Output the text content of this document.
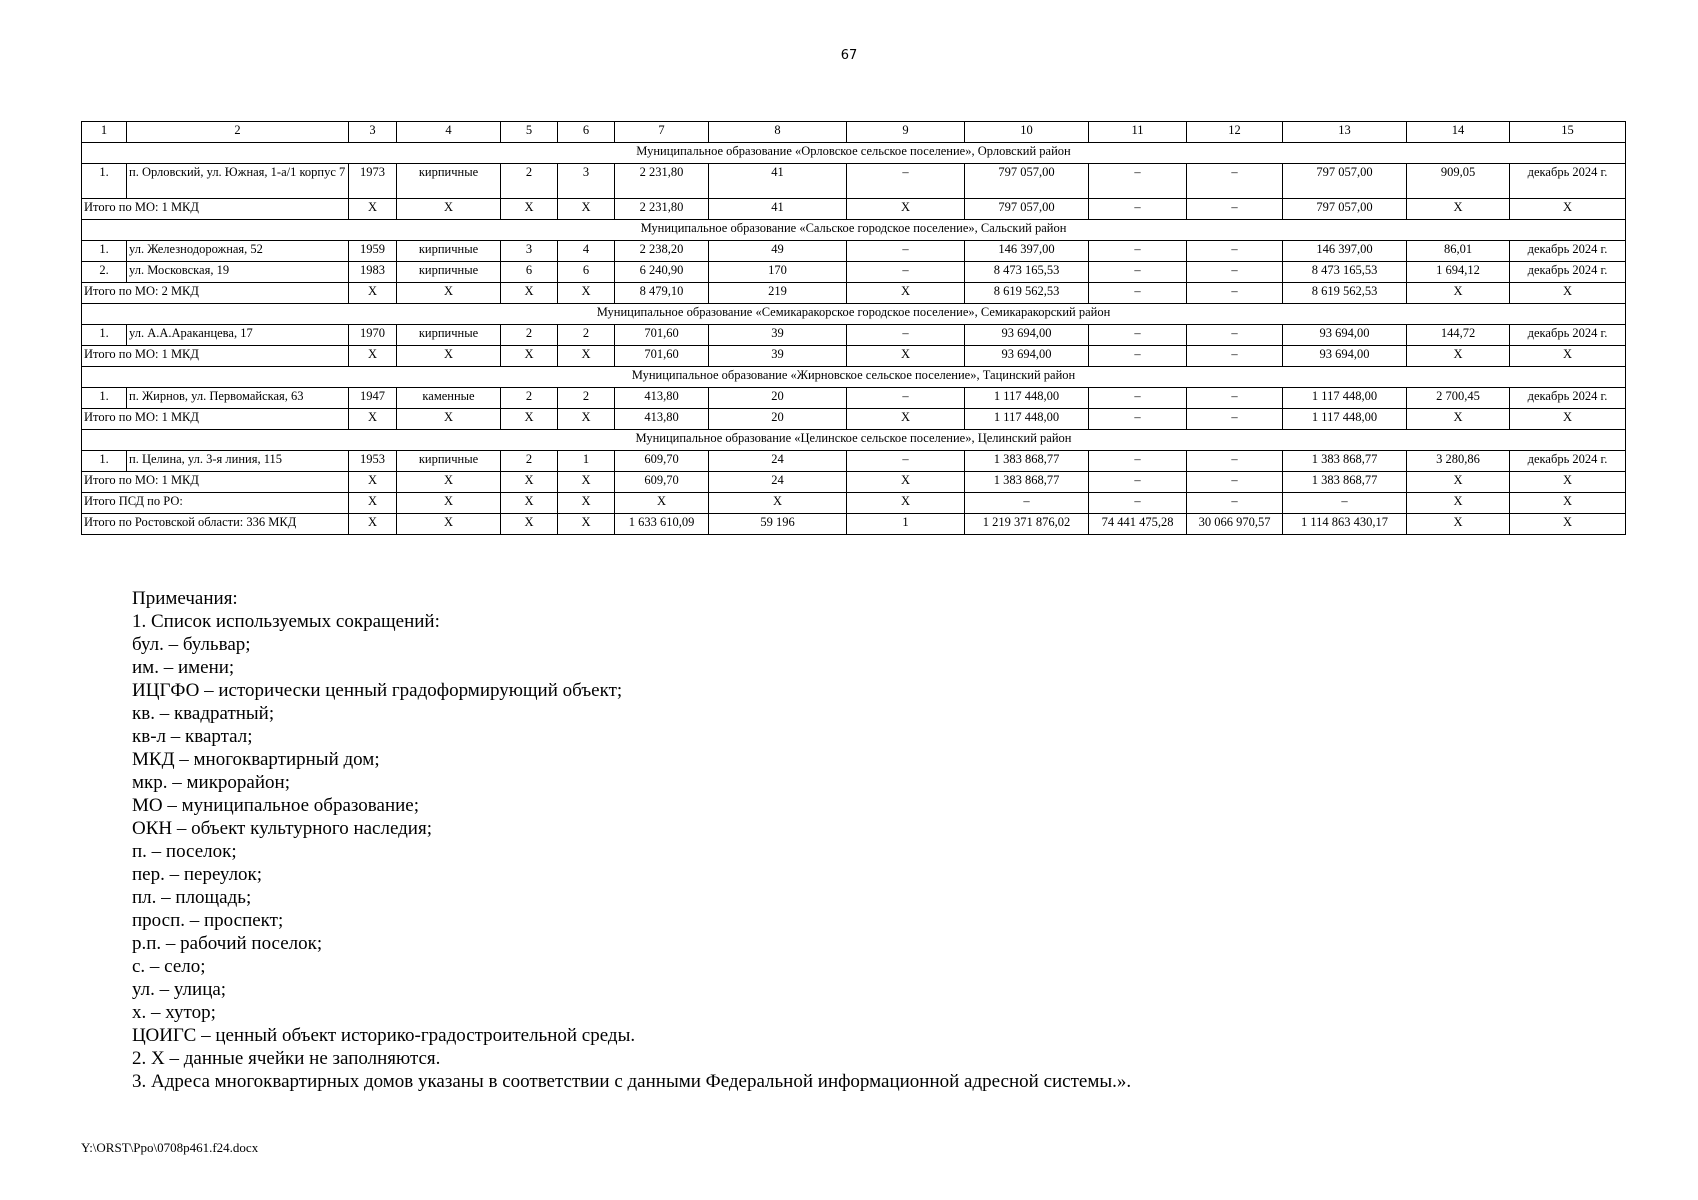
67
1	2	3	4	5	6	7	8	9	10	11	12	13	14	15
Муниципальное образование «Орловское сельское поселение», Орловский район														
1.	п. Орловский, ул. Южная, 1-а/1 корпус 7	1973	кирпичные	2	3	2 231,80	41	–	797 057,00	–	–	797 057,00	909,05	декабрь 2024 г.
Итого по МО: 1 МКД		X	X	X	X	2 231,80	41	X	797 057,00	–	–	797 057,00	X	X
Муниципальное образование «Сальское городское поселение», Сальский район														
1.	ул. Железнодорожная, 52	1959	кирпичные	3	4	2 238,20	49	–	146 397,00	–	–	146 397,00	86,01	декабрь 2024 г.
2.	ул. Московская, 19	1983	кирпичные	6	6	6 240,90	170	–	8 473 165,53	–	–	8 473 165,53	1 694,12	декабрь 2024 г.
Итого по МО: 2 МКД		X	X	X	X	8 479,10	219	X	8 619 562,53	–	–	8 619 562,53	X	X
Муниципальное образование «Семикаракорское городское поселение», Семикаракорский район														
1.	ул. А.А.Араканцева, 17	1970	кирпичные	2	2	701,60	39	–	93 694,00	–	–	93 694,00	144,72	декабрь 2024 г.
Итого по МО: 1 МКД		X	X	X	X	701,60	39	X	93 694,00	–	–	93 694,00	X	X
Муниципальное образование «Жирновское сельское поселение», Тацинский район														
1.	п. Жирнов, ул. Первомайская, 63	1947	каменные	2	2	413,80	20	–	1 117 448,00	–	–	1 117 448,00	2 700,45	декабрь 2024 г.
Итого по МО: 1 МКД		X	X	X	X	413,80	20	X	1 117 448,00	–	–	1 117 448,00	X	X
Муниципальное образование «Целинское сельское поселение», Целинский район														
1.	п. Целина, ул. 3-я линия, 115	1953	кирпичные	2	1	609,70	24	–	1 383 868,77	–	–	1 383 868,77	3 280,86	декабрь 2024 г.
Итого по МО: 1 МКД		X	X	X	X	609,70	24	X	1 383 868,77	–	–	1 383 868,77	X	X
Итого ПСД по РО:		X	X	X	X	X	X	X	–	–	–	–	X	X
Итого по Ростовской области: 336 МКД		X	X	X	X	1 633 610,09	59 196	1	1 219 371 876,02	74 441 475,28	30 066 970,57	1 114 863 430,17	X	X
Примечания:
1. Список используемых сокращений:
бул. – бульвар;
им. – имени;
ИЦГФО – исторически ценный градоформирующий объект;
кв. – квадратный;
кв-л – квартал;
МКД – многоквартирный дом;
мкр. – микрорайон;
МО – муниципальное образование;
ОКН – объект культурного наследия;
п. – поселок;
пер. – переулок;
пл. – площадь;
просп. – проспект;
р.п. – рабочий поселок;
с. – село;
ул. – улица;
х. – хутор;
ЦОИГС – ценный объект историко-градостроительной среды.
2. X – данные ячейки не заполняются.
3. Адреса многоквартирных домов указаны в соответствии с данными Федеральной информационной адресной системы.».
Y:\ORST\Ppo\0708p461.f24.docx
